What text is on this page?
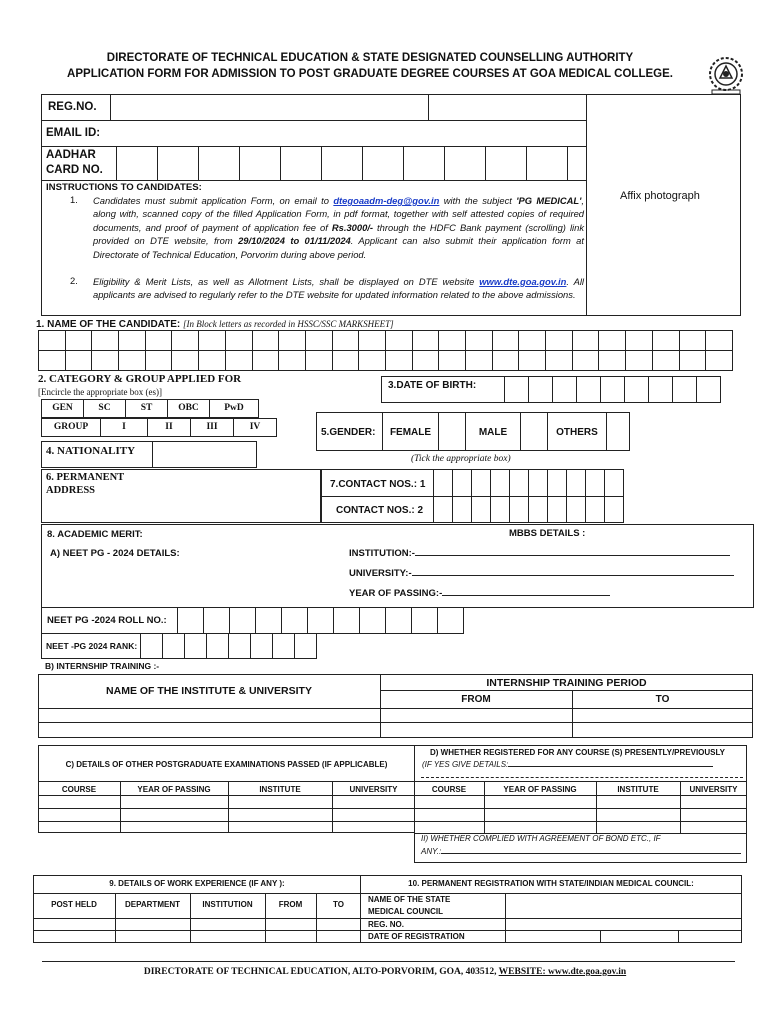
DIRECTORATE OF TECHNICAL EDUCATION & STATE DESIGNATED COUNSELLING AUTHORITY
APPLICATION FORM FOR ADMISSION TO POST GRADUATE DEGREE COURSES AT GOA MEDICAL COLLEGE.
REG.NO.
EMAIL ID:
AADHAR
CARD NO.
Affix photograph
INSTRUCTIONS TO CANDIDATES:
1. Candidates must submit application Form, on email to dtegoaadm-deg@gov.in with the subject 'PG MEDICAL', along with, scanned copy of the filled Application Form, in pdf format, together with self attested copies of required documents, and proof of payment of application fee of Rs.3000/- through the HDFC Bank payment (scrolling) link provided on DTE website, from 29/10/2024 to 01/11/2024. Applicant can also submit their application form at Directorate of Technical Education, Porvorim during above period.
2. Eligibility & Merit Lists, as well as Allotment Lists, shall be displayed on DTE website www.dte.goa.gov.in. All applicants are advised to regularly refer to the DTE website for updated information related to the above admissions.
1. NAME OF THE CANDIDATE: [In Block letters as recorded in HSSC/SSC MARKSHEET]

2. CATEGORY & GROUP APPLIED FOR
[Encircle the appropriate box (es)]
GEN	SC	ST	OBC	PwD
GROUP	I	II	III	IV
3.DATE OF BIRTH:
4. NATIONALITY
5.GENDER:	FEMALE	MALE	OTHERS
(Tick the appropriate box)
6. PERMANENT
ADDRESS
7.CONTACT NOS.: 1
CONTACT NOS.: 2
8. ACADEMIC MERIT:	MBBS DETAILS :
A) NEET PG - 2024 DETAILS:	INSTITUTION:-
UNIVERSITY:-
YEAR OF PASSING:-
NEET PG -2024 ROLL NO.:
NEET -PG 2024 RANK:
B) INTERNSHIP TRAINING :-
NAME OF THE INSTITUTE & UNIVERSITY
INTERNSHIP TRAINING PERIOD
FROM	TO
C) DETAILS OF OTHER POSTGRADUATE EXAMINATIONS PASSED (IF APPLICABLE)
COURSE	YEAR OF PASSING	INSTITUTE	UNIVERSITY
D) WHETHER REGISTERED FOR ANY COURSE (S) PRESENTLY/PREVIOUSLY
(IF YES GIVE DETAILS:
COURSE	YEAR OF PASSING	INSTITUTE	UNIVERSITY
II) WHETHER COMPLIED WITH AGREEMENT OF BOND ETC., IF
ANY.:
9. DETAILS OF WORK EXPERIENCE (IF ANY ):
POST HELD	DEPARTMENT	INSTITUTION	FROM	TO
10. PERMANENT REGISTRATION WITH STATE/INDIAN MEDICAL COUNCIL:
NAME OF THE STATE
MEDICAL COUNCIL
REG. NO.
DATE OF REGISTRATION
DIRECTORATE OF TECHNICAL EDUCATION, ALTO-PORVORIM, GOA, 403512, WEBSITE: www.dte.goa.gov.in
